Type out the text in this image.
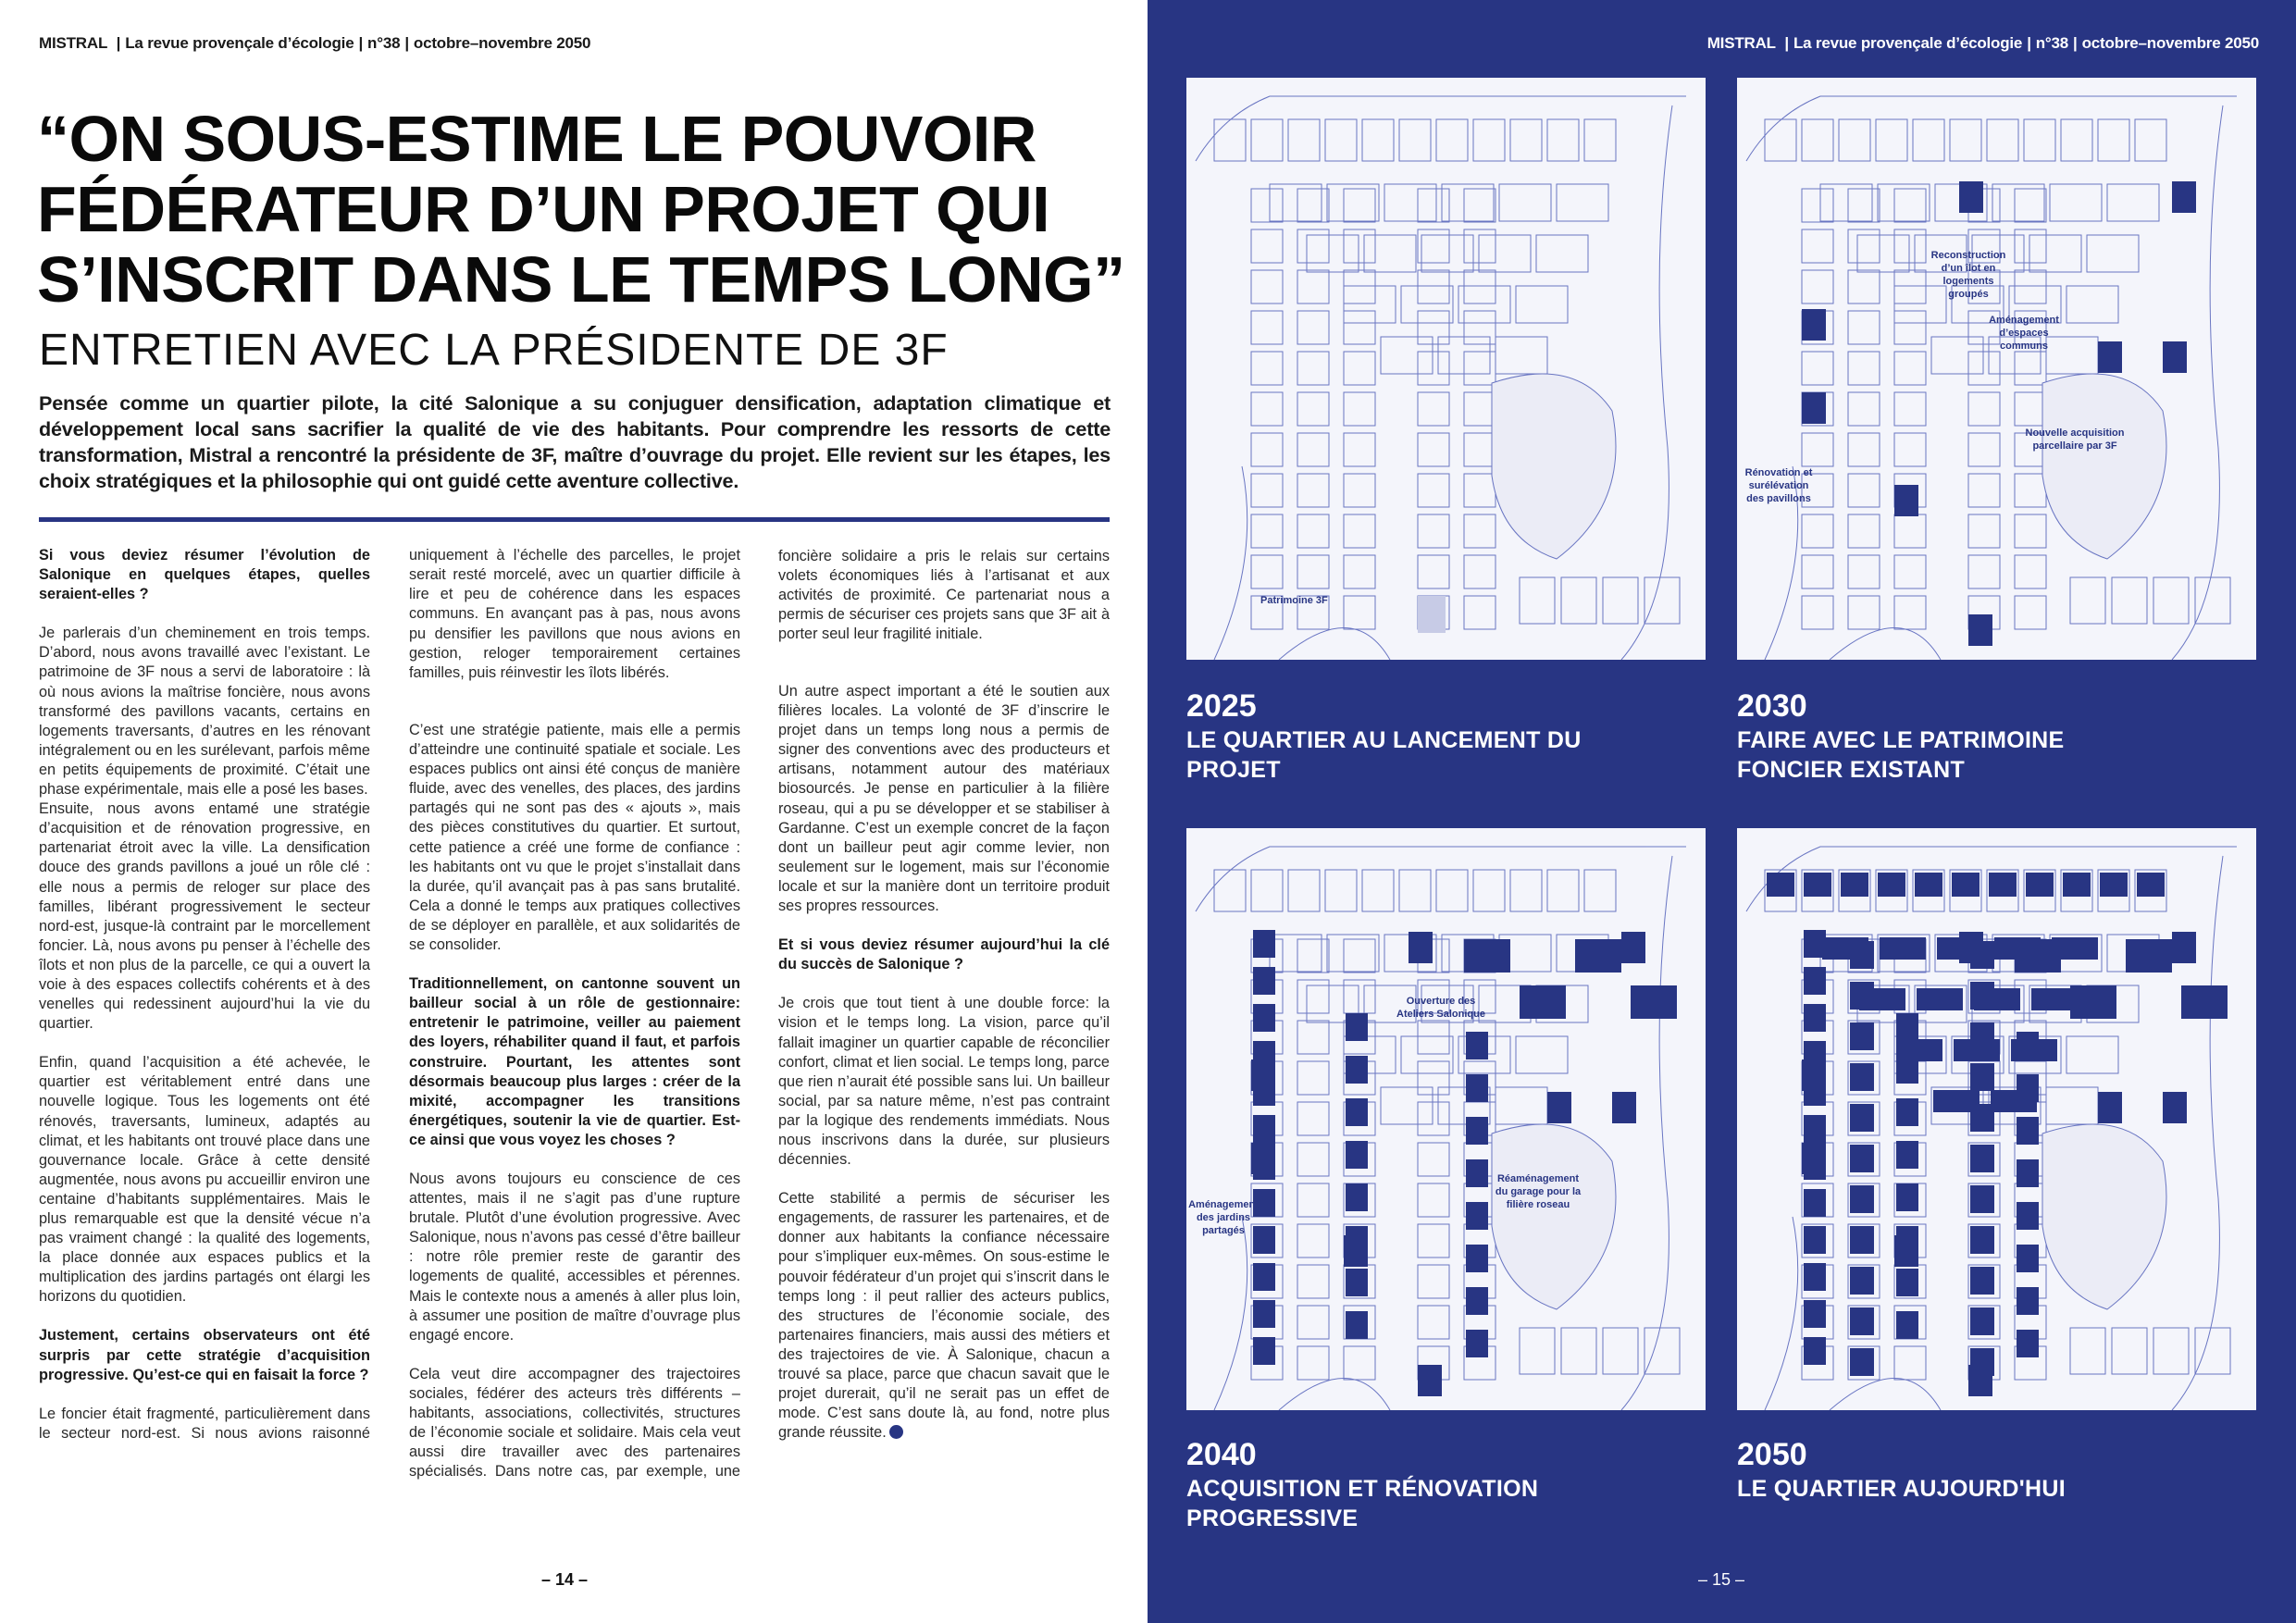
MISTRAL | La revue provençale d’écologie | n°38 | octobre–novembre 2050
“ON SOUS-ESTIME LE POUVOIR FÉDÉRATEUR D’UN PROJET QUI S’INSCRIT DANS LE TEMPS LONG”
ENTRETIEN AVEC LA PRÉSIDENTE DE 3F

Pensée comme un quartier pilote, la cité Salonique a su conjuguer densification, adaptation climatique et développement local sans sacrifier la qualité de vie des habitants. Pour comprendre les ressorts de cette transformation, Mistral a rencontré la présidente de 3F, maître d’ouvrage du projet. Elle revient sur les étapes, les choix stratégiques et la philosophie qui ont guidé cette aventure collective.

Si vous deviez résumer l’évolution de Salonique en quelques étapes, quelles seraient-elles ?

Je parlerais d’un cheminement en trois temps. D’abord, nous avons travaillé avec l’existant. Le patrimoine de 3F nous a servi de laboratoire : là où nous avions la maîtrise foncière, nous avons transformé des pavillons vacants, certains en logements traversants, d’autres en les rénovant intégralement ou en les surélevant, parfois même en petits équipements de proximité. C’était une phase expérimentale, mais elle a posé les bases.

Ensuite, nous avons entamé une stratégie d’acquisition et de rénovation progressive, en partenariat étroit avec la ville. La densification douce des grands pavillons a joué un rôle clé : elle nous a permis de reloger sur place des familles, libérant progressivement le secteur nord-est, jusque-là contraint par le morcellement foncier. Là, nous avons pu penser à l’échelle des îlots et non plus de la parcelle, ce qui a ouvert la voie à des espaces collectifs cohérents et à des venelles qui redessinent aujourd’hui la vie du quartier.

Enfin, quand l’acquisition a été achevée, le quartier est véritablement entré dans une nouvelle logique. Tous les logements ont été rénovés, traversants, lumineux, adaptés au climat, et les habitants ont trouvé place dans une gouvernance locale. Grâce à cette densité augmentée, nous avons pu accueillir environ une centaine d’habitants supplémentaires. Mais le plus remarquable est que la densité vécue n’a pas vraiment changé : la qualité des logements, la place donnée aux espaces publics et la multiplication des jardins partagés ont élargi les horizons du quotidien.

Justement, certains observateurs ont été surpris par cette stratégie d’acquisition progressive. Qu’est-ce qui en faisait la force ?

Le foncier était fragmenté, particulièrement dans le secteur nord-est. Si nous avions raisonné

uniquement à l’échelle des parcelles, le projet serait resté morcelé, avec un quartier difficile à lire et peu de cohérence dans les espaces communs. En avançant pas à pas, nous avons pu densifier les pavillons que nous avions en gestion, reloger temporairement certaines familles, puis réinvestir les îlots libérés.

C’est une stratégie patiente, mais elle a permis d’atteindre une continuité spatiale et sociale. Les espaces publics ont ainsi été conçus de manière fluide, avec des venelles, des places, des jardins partagés qui ne sont pas des « ajouts », mais des pièces constitutives du quartier. Et surtout, cette patience a créé une forme de confiance : les habitants ont vu que le projet s’installait dans la durée, qu’il avançait pas à pas sans brutalité. Cela a donné le temps aux pratiques collectives de se déployer en parallèle, et aux solidarités de se consolider.

Traditionnellement, on cantonne souvent un bailleur social à un rôle de gestionnaire: entretenir le patrimoine, veiller au paiement des loyers, réhabiliter quand il faut, et parfois construire. Pourtant, les attentes sont désormais beaucoup plus larges : créer de la mixité, accompagner les transitions énergétiques, soutenir la vie de quartier. Est-ce ainsi que vous voyez les choses ?

Nous avons toujours eu conscience de ces attentes, mais il ne s’agit pas d’une rupture brutale. Plutôt d’une évolution progressive. Avec Salonique, nous n’avons pas cessé d’être bailleur : notre rôle premier reste de garantir des logements de qualité, accessibles et pérennes. Mais le contexte nous a amenés à aller plus loin, à assumer une position de maître d’ouvrage plus engagé encore.

Cela veut dire accompagner des trajectoires sociales, fédérer des acteurs très différents –habitants, associations, collectivités, structures de l’économie sociale et solidaire. Mais cela veut aussi dire travailler avec des partenaires spécialisés. Dans notre cas, par exemple, une

foncière solidaire a pris le relais sur certains volets économiques liés à l’artisanat et aux activités de proximité. Ce partenariat nous a permis de sécuriser ces projets sans que 3F ait à porter seul leur fragilité initiale.

Un autre aspect important a été le soutien aux filières locales. La volonté de 3F d’inscrire le projet dans un temps long nous a permis de signer des conventions avec des producteurs et artisans, notamment autour des matériaux biosourcés. Je pense en particulier à la filière roseau, qui a pu se développer et se stabiliser à Gardanne. C’est un exemple concret de la façon dont un bailleur peut agir comme levier, non seulement sur le logement, mais sur l’économie locale et sur la manière dont un territoire produit ses propres ressources.

Et si vous deviez résumer aujourd’hui la clé du succès de Salonique ?

Je crois que tout tient à une double force: la vision et le temps long. La vision, parce qu’il fallait imaginer un quartier capable de réconcilier confort, climat et lien social. Le temps long, parce que rien n’aurait été possible sans lui. Un bailleur social, par sa nature même, n’est pas contraint par la logique des rendements immédiats. Nous nous inscrivons dans la durée, sur plusieurs décennies.

Cette stabilité a permis de sécuriser les engagements, de rassurer les partenaires, et de donner aux habitants la confiance nécessaire pour s’impliquer eux-mêmes. On sous-estime le pouvoir fédérateur d’un projet qui s’inscrit dans le temps long : il peut rallier des acteurs publics, des structures de l’économie sociale, des partenaires financiers, mais aussi des métiers et des trajectoires de vie. À Salonique, chacun a trouvé sa place, parce que chacun savait que le projet durerait, qu’il ne serait pas un effet de mode. C’est sans doute là, au fond, notre plus grande réussite.

– 14 –
MISTRAL | La revue provençale d’écologie | n°38 | octobre–novembre 2050
Patrimoine 3F
Reconstruction d’un îlot en logements groupés
Aménagement d’espaces communs
Nouvelle acquisition parcellaire par 3F
Rénovation et surélévation des pavillons
Ouverture des Ateliers Salonique
Réaménagement du garage pour la filière roseau
Aménagement des jardins partagés
2025
LE QUARTIER AU LANCEMENT DU PROJET
2030
FAIRE AVEC LE PATRIMOINE FONCIER EXISTANT
2040
ACQUISITION ET RÉNOVATION PROGRESSIVE
2050
LE QUARTIER AUJOURD'HUI
– 15 –
